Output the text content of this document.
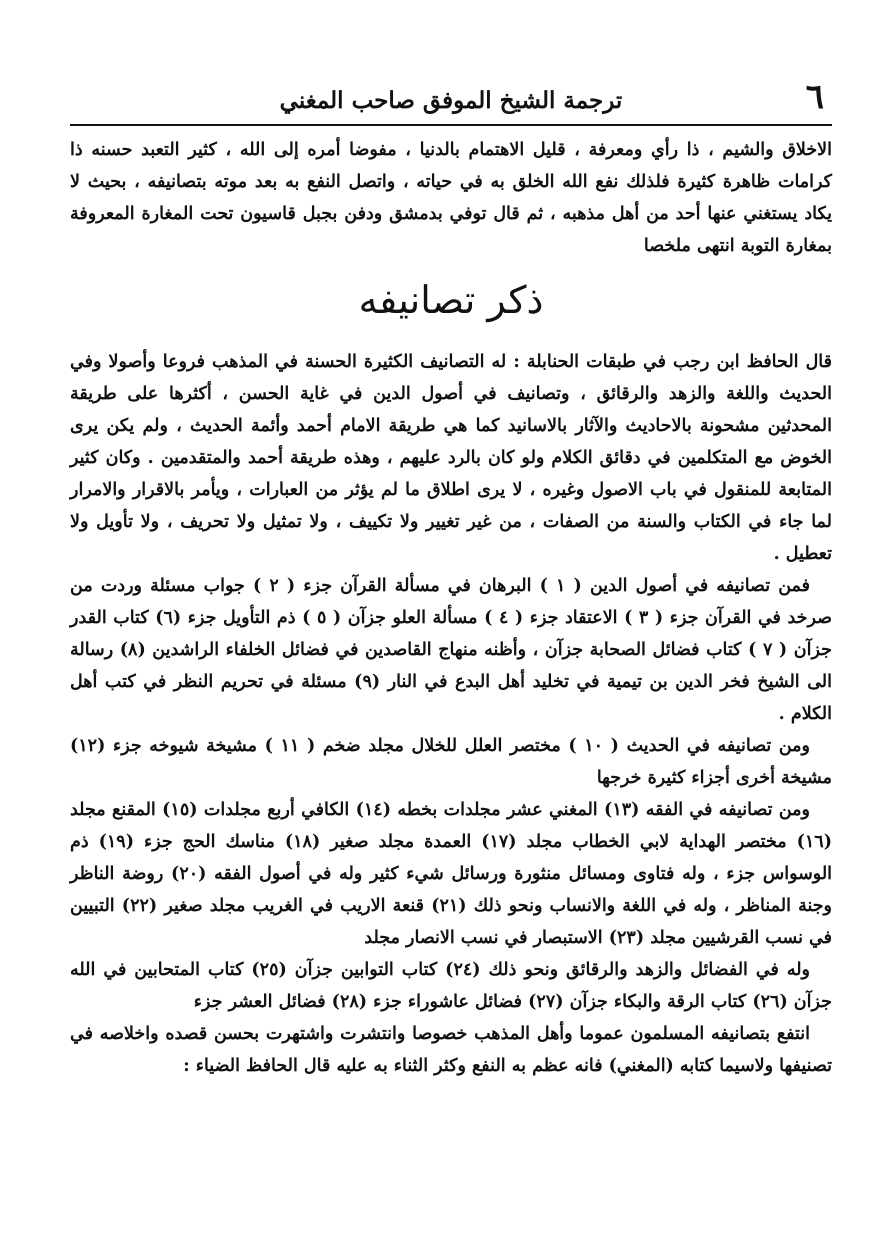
٦
ترجمة الشيخ الموفق صاحب المغني

الاخلاق والشيم ، ذا رأي ومعرفة ، قليل الاهتمام بالدنيا ، مفوضا أمره إلى الله ، كثير التعبد حسنه ذا كرامات ظاهرة كثيرة فلذلك نفع الله الخلق به في حياته ، واتصل النفع به بعد موته بتصانيفه ، بحيث لا يكاد يستغني عنها أحد من أهل مذهبه ، ثم قال توفي بدمشق ودفن بجبل قاسيون تحت المغارة المعروفة بمغارة التوبة انتهى ملخصا

ذكر تصانيفه

قال الحافظ ابن رجب في طبقات الحنابلة : له التصانيف الكثيرة الحسنة في المذهب فروعا وأصولا وفي الحديث واللغة والزهد والرقائق ، وتصانيف في أصول الدين في غاية الحسن ، أكثرها على طريقة المحدثين مشحونة بالاحاديث والآثار بالاسانيد كما هي طريقة الامام أحمد وأئمة الحديث ، ولم يكن يرى الخوض مع المتكلمين في دقائق الكلام ولو كان بالرد عليهم ، وهذه طريقة أحمد والمتقدمين . وكان كثير المتابعة للمنقول في باب الاصول وغيره ، لا يرى اطلاق ما لم يؤثر من العبارات ، ويأمر بالاقرار والامرار لما جاء في الكتاب والسنة من الصفات ، من غير تغيير ولا تكييف ، ولا تمثيل ولا تحريف ، ولا تأويل ولا تعطيل .

فمن تصانيفه في أصول الدين ( ١ ) البرهان في مسألة القرآن جزء ( ٢ ) جواب مسئلة وردت من صرخد في القرآن جزء ( ٣ ) الاعتقاد جزء ( ٤ ) مسألة العلو جزآن ( ٥ ) ذم التأويل جزء (٦) كتاب القدر جزآن ( ٧ ) كتاب فضائل الصحابة جزآن ، وأظنه منهاج القاصدين في فضائل الخلفاء الراشدين (٨) رسالة الى الشيخ فخر الدين بن تيمية في تخليد أهل البدع في النار (٩) مسئلة في تحريم النظر في كتب أهل الكلام .

ومن تصانيفه في الحديث ( ١٠ ) مختصر العلل للخلال مجلد ضخم ( ١١ ) مشيخة شيوخه جزء (١٢) مشيخة أخرى أجزاء كثيرة خرجها

ومن تصانيفه في الفقه (١٣) المغني عشر مجلدات بخطه (١٤) الكافي أربع مجلدات (١٥) المقنع مجلد (١٦) مختصر الهداية لابي الخطاب مجلد (١٧) العمدة مجلد صغير (١٨) مناسك الحج جزء (١٩) ذم الوسواس جزء ، وله فتاوى ومسائل منثورة ورسائل شيء كثير وله في أصول الفقه (٢٠) روضة الناظر وجنة المناظر ، وله في اللغة والانساب ونحو ذلك (٢١) قنعة الاريب في الغريب مجلد صغير (٢٢) التبيين في نسب القرشيين مجلد (٢٣) الاستبصار في نسب الانصار مجلد

وله في الفضائل والزهد والرقائق ونحو ذلك (٢٤) كتاب التوابين جزآن (٢٥) كتاب المتحابين في الله جزآن (٢٦) كتاب الرقة والبكاء جزآن (٢٧) فضائل عاشوراء جزء (٢٨) فضائل العشر جزء

انتفع بتصانيفه المسلمون عموما وأهل المذهب خصوصا وانتشرت واشتهرت بحسن قصده واخلاصه في تصنيفها ولاسيما كتابه (المغني) فانه عظم به النفع وكثر الثناء به عليه قال الحافظ الضياء :
